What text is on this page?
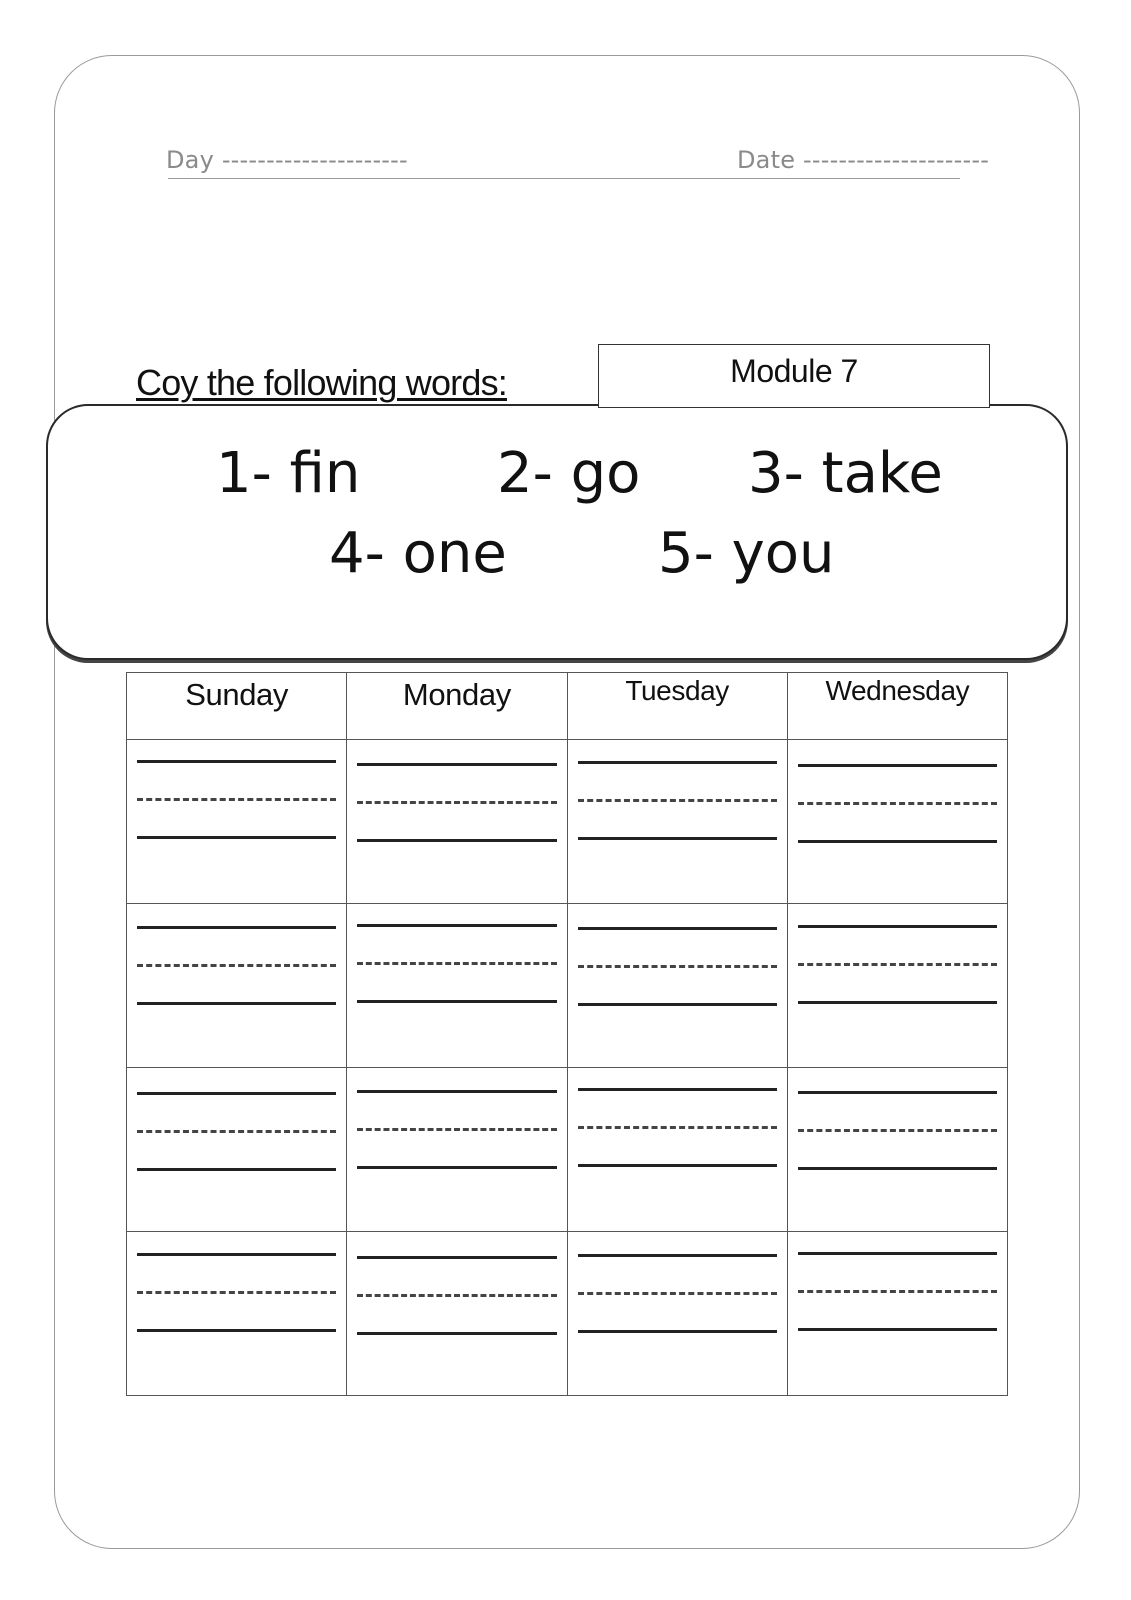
Day ---------------------	Date ---------------------
Coy the following words:	Module 7
1- fin 2- go 3- take
4- one	5- you
Sunday	Monday	Tuesday	Wednesday
